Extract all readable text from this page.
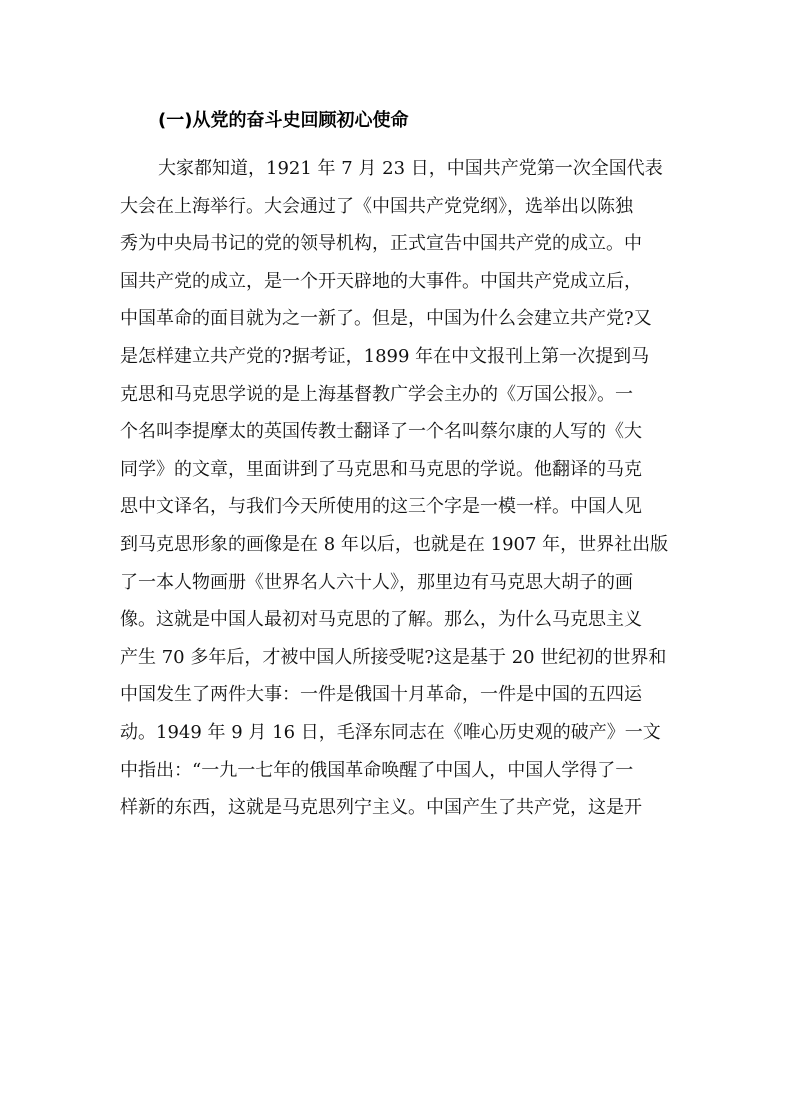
(一)从党的奋斗史回顾初心使命
大家都知道，1921 年 7 月 23 日，中国共产党第一次全国代表
大会在上海举行。大会通过了《中国共产党党纲》，选举出以陈独
秀为中央局书记的党的领导机构，正式宣告中国共产党的成立。中
国共产党的成立，是一个开天辟地的大事件。中国共产党成立后，
中国革命的面目就为之一新了。但是，中国为什么会建立共产党?又
是怎样建立共产党的?据考证，1899 年在中文报刊上第一次提到马
克思和马克思学说的是上海基督教广学会主办的《万国公报》。一
个名叫李提摩太的英国传教士翻译了一个名叫蔡尔康的人写的《大
同学》的文章，里面讲到了马克思和马克思的学说。他翻译的马克
思中文译名，与我们今天所使用的这三个字是一模一样。中国人见
到马克思形象的画像是在 8 年以后，也就是在 1907 年，世界社出版
了一本人物画册《世界名人六十人》，那里边有马克思大胡子的画
像。这就是中国人最初对马克思的了解。那么，为什么马克思主义
产生 70 多年后，才被中国人所接受呢?这是基于 20 世纪初的世界和
中国发生了两件大事：一件是俄国十月革命，一件是中国的五四运
动。1949 年 9 月 16 日，毛泽东同志在《唯心历史观的破产》一文
中指出：“一九一七年的俄国革命唤醒了中国人，中国人学得了一
样新的东西，这就是马克思列宁主义。中国产生了共产党，这是开
